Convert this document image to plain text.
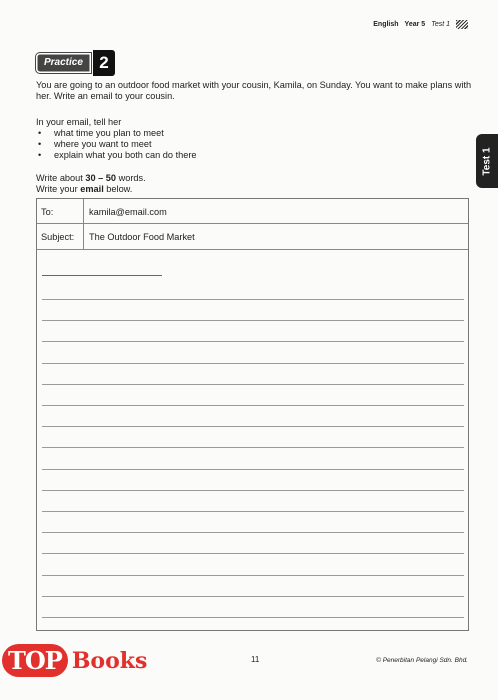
English Year 5 Test 1
Practice 2
You are going to an outdoor food market with your cousin, Kamila, on Sunday. You want to make plans with her. Write an email to your cousin.
In your email, tell her
• what time you plan to meet
• where you want to meet
• explain what you both can do there
Write about 30 – 50 words.
Write your email below.
To:	kamila@email.com
Subject: The Outdoor Food Market
Test 1
11	© Penerbitan Pelangi Sdn. Bhd.
TOP Books
